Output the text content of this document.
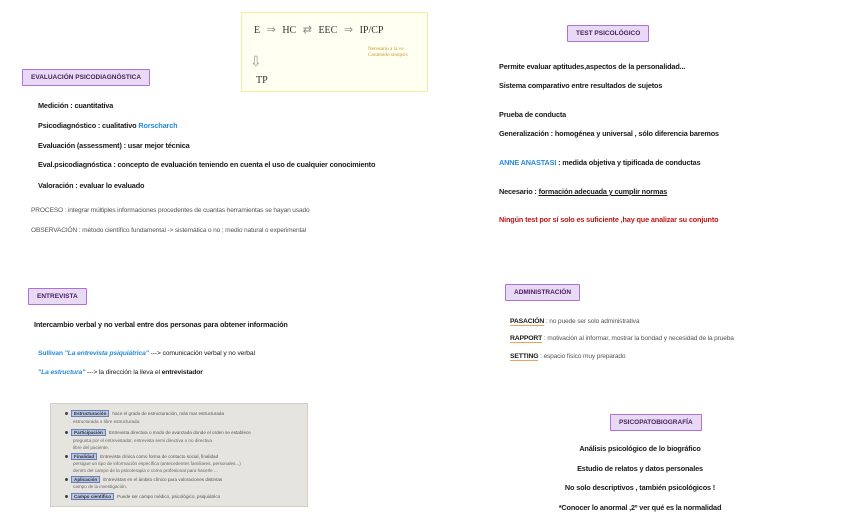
E ⇒ HC ⇄ EEC ⇒ IP/CP
Necesario a la ve
Contenido sinopsis
⇩
TP
EVALUACIÓN PSICODIAGNÓSTICA
Medición : cuantitativa
Psicodiagnóstico : cualitativo Rorscharch
Evaluación (assessment) : usar mejor técnica
Eval.psicodiagnóstica : concepto de evaluación teniendo en cuenta el uso de cualquier conocimiento
Valoración : evaluar lo evaluado
PROCESO : integrar múltiples informaciones procedentes de cuantas herramientas se hayan usado
OBSERVACIÓN : método científico fundamental -> sistemática o no ; medio natural o experimental
TEST PSICOLÓGICO
Permite evaluar aptitudes,aspectos de la personalidad...
Sistema comparativo entre resultados de sujetos
Prueba de conducta
Generalización : homogénea y universal , sólo diferencia baremos
ANNE ANASTASI : medida objetiva y tipificada de conductas
Necesario : formación adecuada y cumplir normas
Ningún test por sí solo es suficiente ,hay que analizar su conjunto
ENTREVISTA
Intercambio verbal y no verbal entre dos personas para obtener información
Sullivan "La entrevista psiquiátrica" ---> comunicación verbal y no verbal
"La estructura" ---> la dirección la lleva el entrevistador
Estructuración	hace el grado de estructuración, más mar estructurada
estructurada o libre estructurada.
Participación	Entrevista directiva o modo de avanzada donde el orden se establece
pregunta por el entrevistador, entrevista semi directiva o no directiva
libre del paciente.
Finalidad	Entrevista clínica como forma de contacto social, finalidad
persigue un tipo de información específica (antecedentes familiares, personales...)
dentro del campo de la psicoterapia o como profesional para hacerle ...
Aplicación	Entrevistas en el ámbito clínico para valoraciones distintas
campo de la investigación.
Campo científico	Puede ser campo médico, psicológico, psiquiátrico
ADMINISTRACIÓN
PASACIÓN : no puede ser solo administrativa
RAPPORT : motivación al informar, mostrar la bondad y necesidad de la prueba
SETTING : espacio físico muy preparado
PSICOPATOBIOGRAFÍA
Análisis psicológico de lo biográfico
Estudio de relatos y datos personales
No solo descriptivos , también psicológicos !
*Conocer lo anormal ,2º ver qué es la normalidad
